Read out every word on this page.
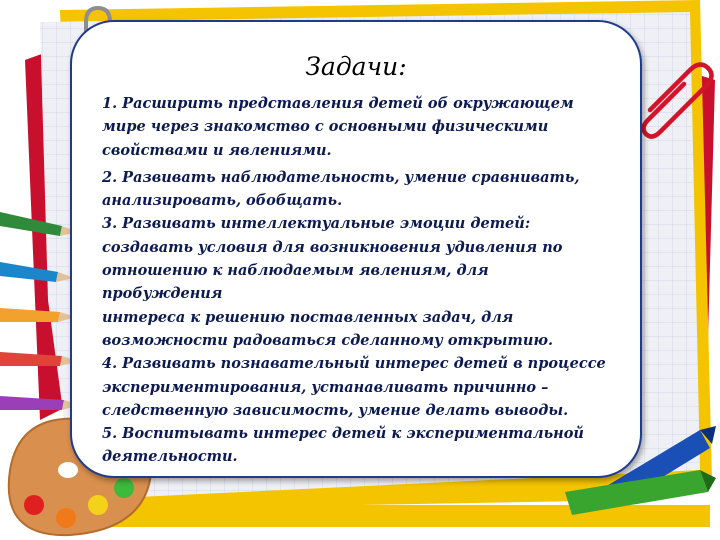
Задачи:
1. Расширить представления детей об окружающем
мире через знакомство с основными физическими
свойствами и явлениями.
2. Развивать наблюдательность, умение сравнивать,
анализировать, обобщать.
3. Развивать интеллектуальные эмоции детей:
создавать условия для возникновения удивления по
отношению к наблюдаемым явлениям, для пробуждения
интереса к решению поставленных задач, для
возможности радоваться сделанному открытию.
4. Развивать познавательный интерес детей в процессе
экспериментирования, устанавливать причинно –
следственную зависимость, умение делать выводы.
5. Воспитывать интерес детей к экспериментальной
деятельности.
